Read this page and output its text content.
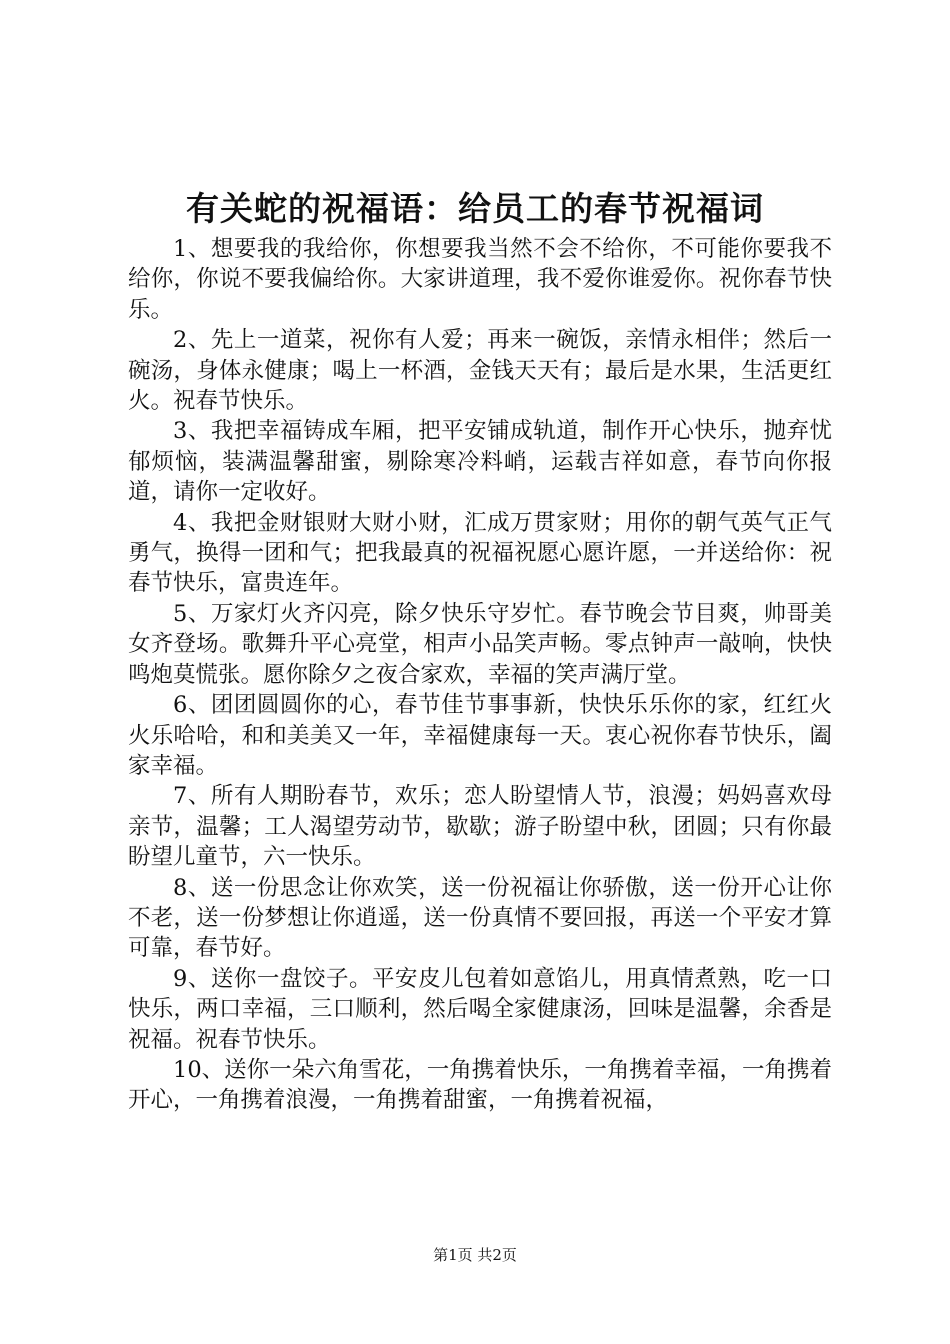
有关蛇的祝福语：给员工的春节祝福词

1、想要我的我给你，你想要我当然不会不给你，不可能你要我不给你，你说不要我偏给你。大家讲道理，我不爱你谁爱你。祝你春节快乐。

2、先上一道菜，祝你有人爱；再来一碗饭，亲情永相伴；然后一碗汤，身体永健康；喝上一杯酒，金钱天天有；最后是水果，生活更红火。祝春节快乐。

3、我把幸福铸成车厢，把平安铺成轨道，制作开心快乐，抛弃忧郁烦恼，装满温馨甜蜜，剔除寒冷料峭，运载吉祥如意，春节向你报道，请你一定收好。

4、我把金财银财大财小财，汇成万贯家财；用你的朝气英气正气勇气，换得一团和气；把我最真的祝福祝愿心愿许愿，一并送给你：祝春节快乐，富贵连年。

5、万家灯火齐闪亮，除夕快乐守岁忙。春节晚会节目爽，帅哥美女齐登场。歌舞升平心亮堂，相声小品笑声畅。零点钟声一敲响，快快鸣炮莫慌张。愿你除夕之夜合家欢，幸福的笑声满厅堂。

6、团团圆圆你的心，春节佳节事事新，快快乐乐你的家，红红火火乐哈哈，和和美美又一年，幸福健康每一天。衷心祝你春节快乐，阖家幸福。

7、所有人期盼春节，欢乐；恋人盼望情人节，浪漫；妈妈喜欢母亲节，温馨；工人渴望劳动节，歇歇；游子盼望中秋，团圆；只有你最盼望儿童节，六一快乐。

8、送一份思念让你欢笑，送一份祝福让你骄傲，送一份开心让你不老，送一份梦想让你逍遥，送一份真情不要回报，再送一个平安才算可靠，春节好。

9、送你一盘饺子。平安皮儿包着如意馅儿，用真情煮熟，吃一口快乐，两口幸福，三口顺利，然后喝全家健康汤，回味是温馨，余香是祝福。祝春节快乐。

10、送你一朵六角雪花，一角携着快乐，一角携着幸福，一角携着开心，一角携着浪漫，一角携着甜蜜，一角携着祝福，

第1页 共2页
